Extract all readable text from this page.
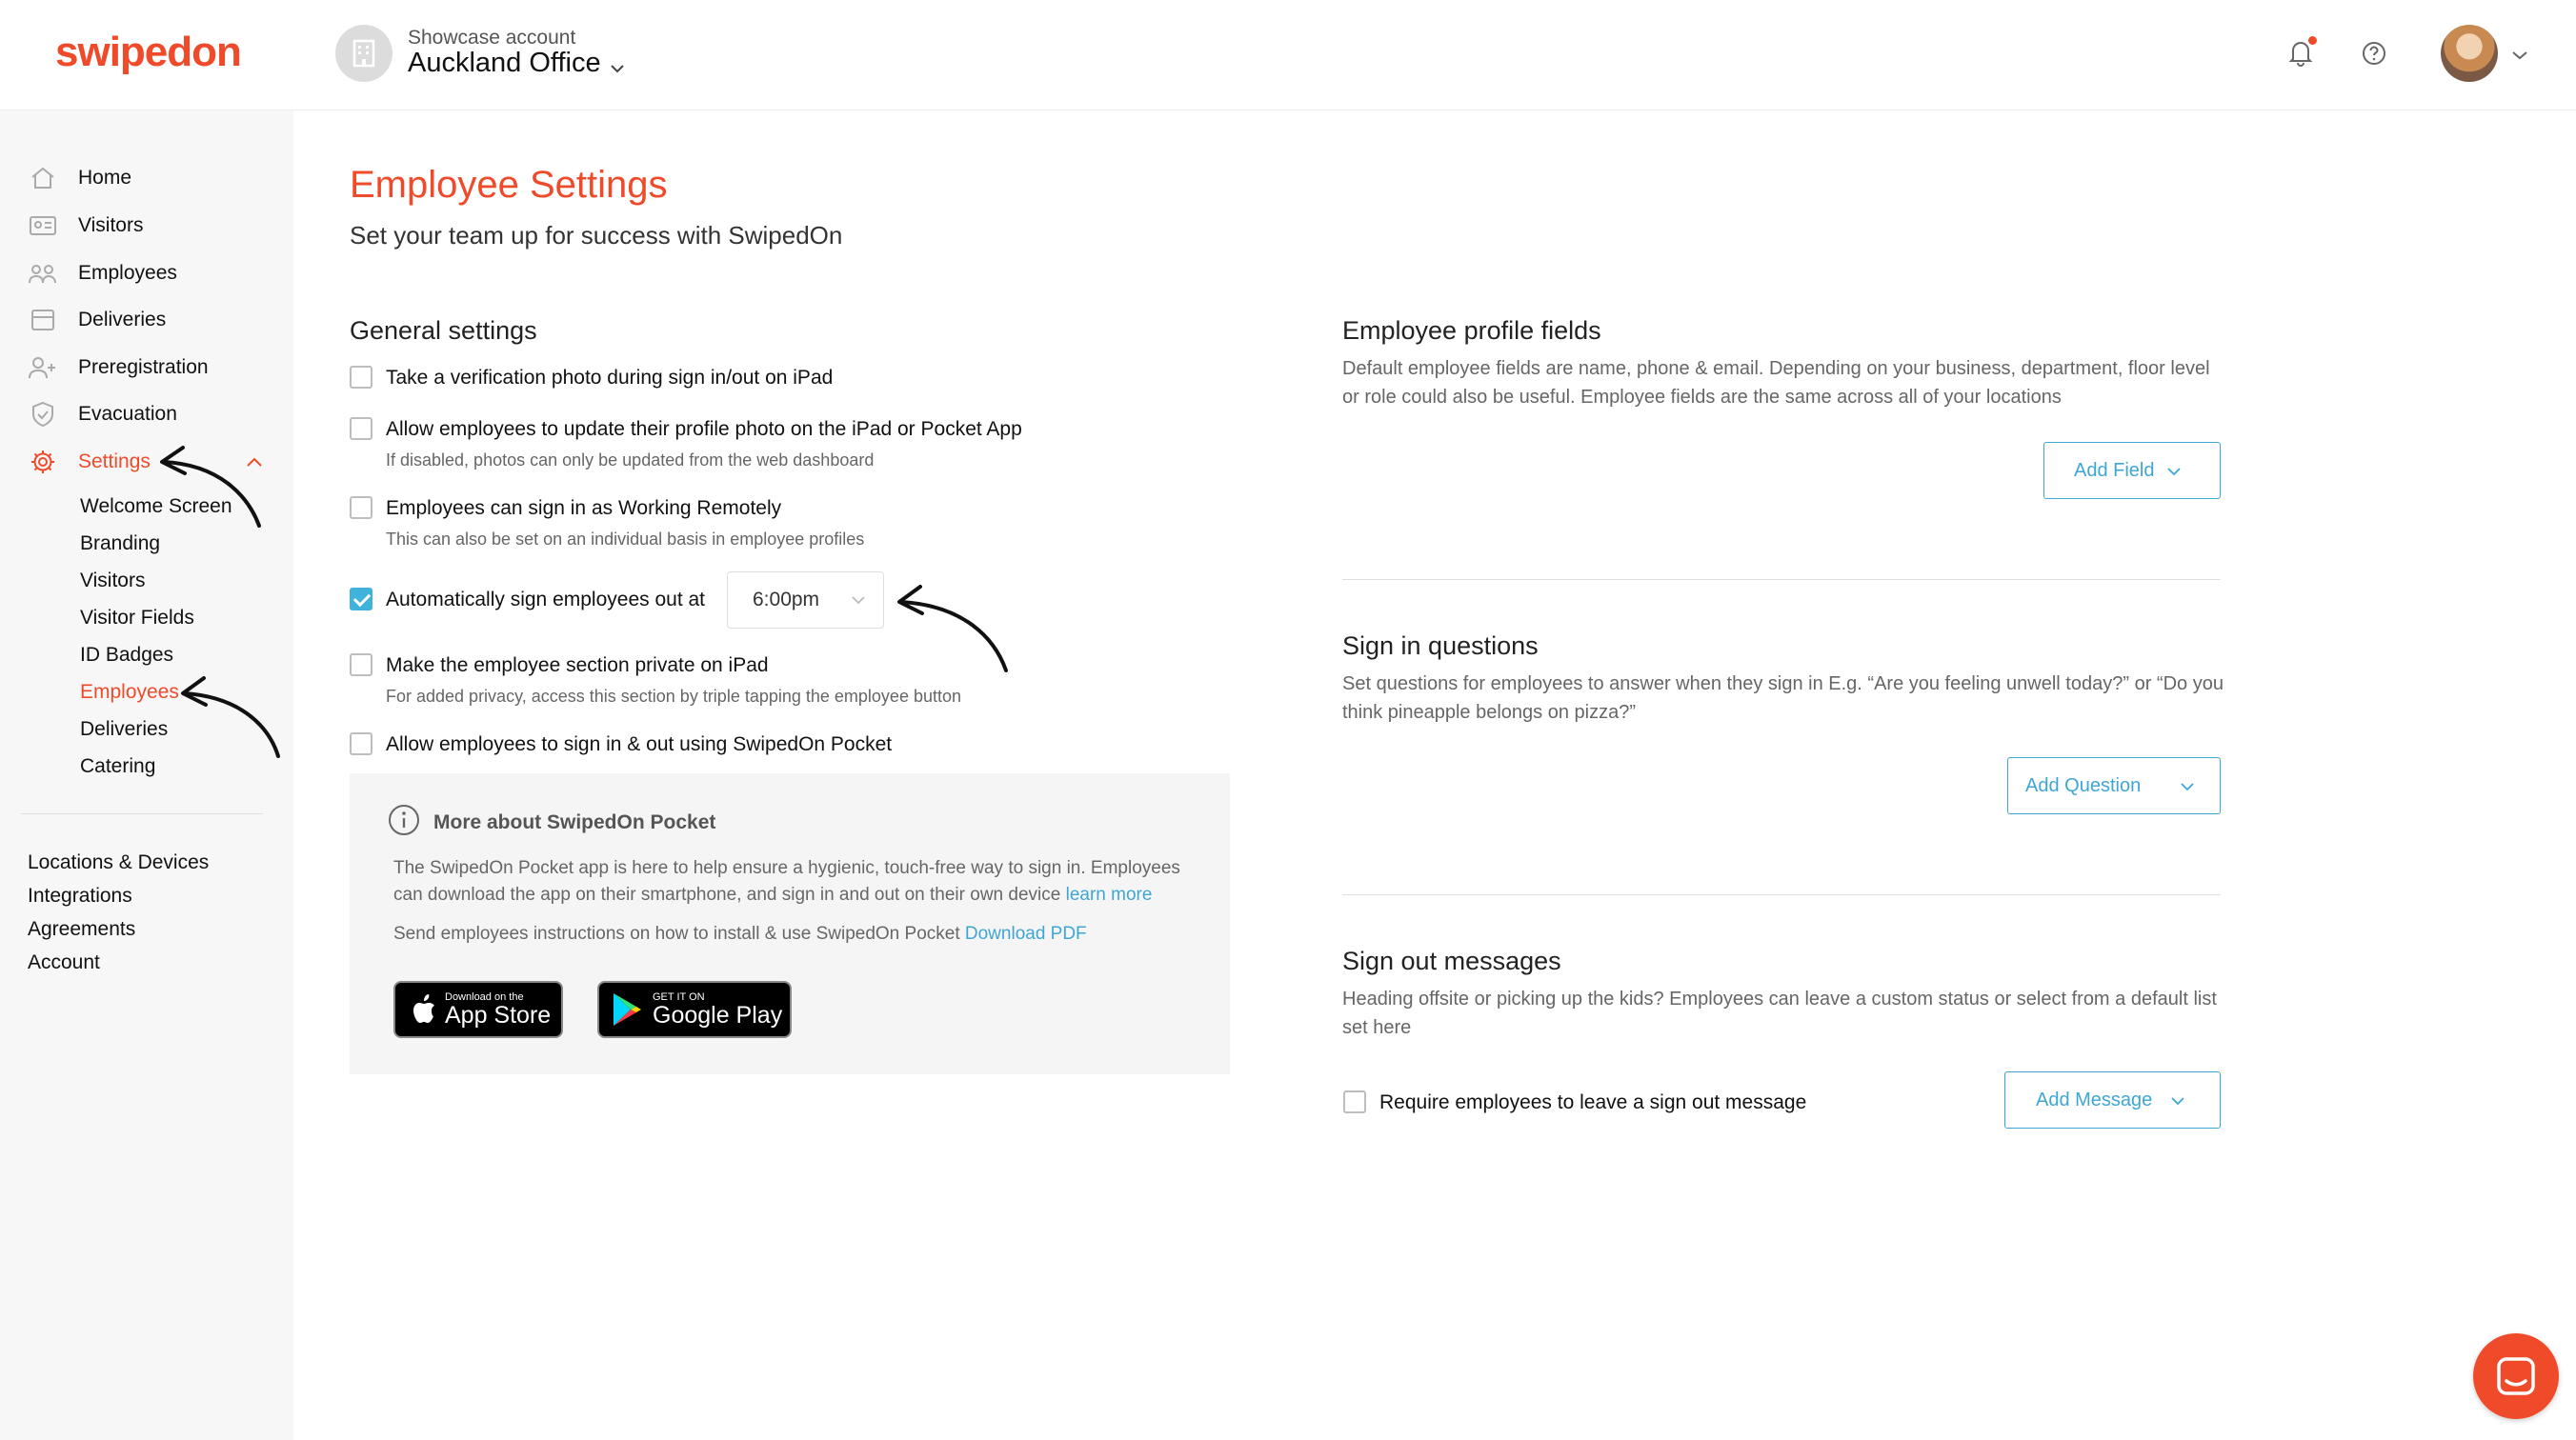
swipedon	Showcase account
Auckland Office
Home
Visitors
Employees
Deliveries
Preregistration
Evacuation
Settings
Welcome Screen
Branding
Visitors
Visitor Fields
ID Badges
Employees
Deliveries
Catering
Locations & Devices
Integrations
Agreements
Account
Employee Settings
Set your team up for success with SwipedOn
General settings
Take a verification photo during sign in/out on iPad
Allow employees to update their profile photo on the iPad or Pocket App
If disabled, photos can only be updated from the web dashboard
Employees can sign in as Working Remotely
This can also be set on an individual basis in employee profiles
Automatically sign employees out at 6:00pm
Make the employee section private on iPad
For added privacy, access this section by triple tapping the employee button
Allow employees to sign in & out using SwipedOn Pocket
More about SwipedOn Pocket
The SwipedOn Pocket app is here to help ensure a hygienic, touch-free way to sign in. Employees can download the app on their smartphone, and sign in and out on their own device learn more
Send employees instructions on how to install & use SwipedOn Pocket Download PDF
Download on the
App Store
GET IT ON
Google Play
Employee profile fields
Default employee fields are name, phone & email. Depending on your business, department, floor level or role could also be useful. Employee fields are the same across all of your locations
Add Field
Sign in questions
Set questions for employees to answer when they sign in E.g. “Are you feeling unwell today?” or “Do you think pineapple belongs on pizza?”
Add Question
Sign out messages
Heading offsite or picking up the kids? Employees can leave a custom status or select from a default list set here
Require employees to leave a sign out message	Add Message
